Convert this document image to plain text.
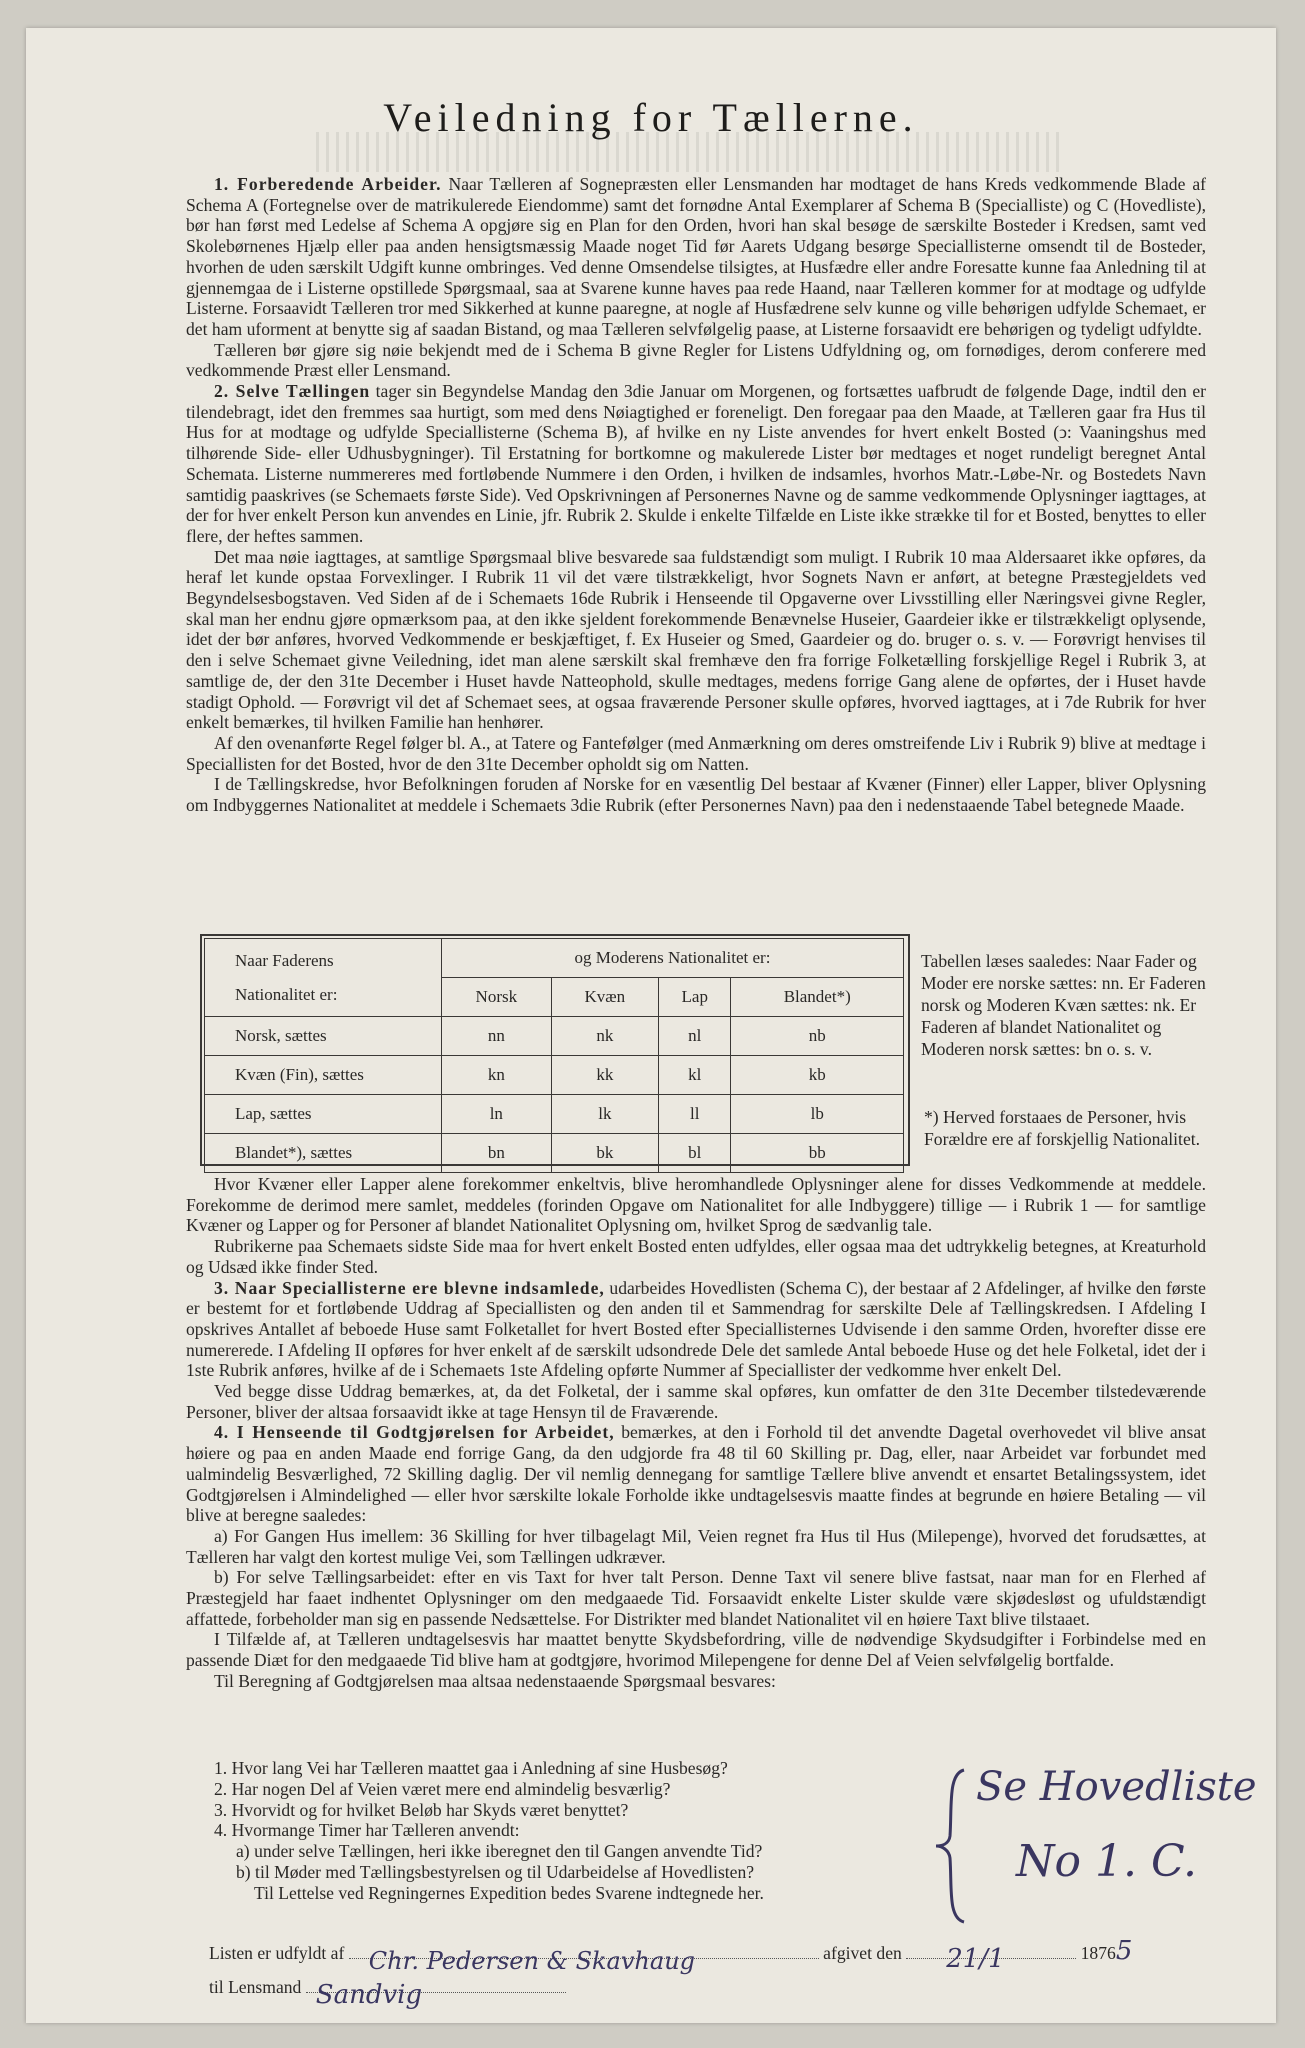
Veiledning for Tællerne.

1. Forberedende Arbeider. Naar Tælleren af Sognepræsten eller Lensmanden har modtaget de hans Kreds vedkommende Blade af Schema A (Fortegnelse over de matrikulerede Eiendomme) samt det fornødne Antal Exemplarer af Schema B (Specialliste) og C (Hovedliste), bør han først med Ledelse af Schema A opgjøre sig en Plan for den Orden, hvori han skal besøge de særskilte Bosteder i Kredsen, samt ved Skolebørnenes Hjælp eller paa anden hensigtsmæssig Maade noget Tid før Aarets Udgang besørge Speciallisterne omsendt til de Bosteder, hvorhen de uden særskilt Udgift kunne ombringes. Ved denne Omsendelse tilsigtes, at Husfædre eller andre Foresatte kunne faa Anledning til at gjennemgaa de i Listerne opstillede Spørgsmaal, saa at Svarene kunne haves paa rede Haand, naar Tælleren kommer for at modtage og udfylde Listerne. Forsaavidt Tælleren tror med Sikkerhed at kunne paaregne, at nogle af Husfædrene selv kunne og ville behørigen udfylde Schemaet, er det ham uforment at benytte sig af saadan Bistand, og maa Tælleren selvfølgelig paase, at Listerne forsaavidt ere behørigen og tydeligt udfyldte.

Tælleren bør gjøre sig nøie bekjendt med de i Schema B givne Regler for Listens Udfyldning og, om fornødiges, derom conferere med vedkommende Præst eller Lensmand.

2. Selve Tællingen tager sin Begyndelse Mandag den 3die Januar om Morgenen, og fortsættes uafbrudt de følgende Dage, indtil den er tilendebragt, idet den fremmes saa hurtigt, som med dens Nøiagtighed er foreneligt. Den foregaar paa den Maade, at Tælleren gaar fra Hus til Hus for at modtage og udfylde Speciallisterne (Schema B), af hvilke en ny Liste anvendes for hvert enkelt Bosted (ↄ: Vaaningshus med tilhørende Side- eller Udhusbygninger). Til Erstatning for bortkomne og makulerede Lister bør medtages et noget rundeligt beregnet Antal Schemata. Listerne nummereres med fortløbende Nummere i den Orden, i hvilken de indsamles, hvorhos Matr.-Løbe-Nr. og Bostedets Navn samtidig paaskrives (se Schemaets første Side). Ved Opskrivningen af Personernes Navne og de samme vedkommende Oplysninger iagttages, at der for hver enkelt Person kun anvendes en Linie, jfr. Rubrik 2. Skulde i enkelte Tilfælde en Liste ikke strække til for et Bosted, benyttes to eller flere, der heftes sammen.

Det maa nøie iagttages, at samtlige Spørgsmaal blive besvarede saa fuldstændigt som muligt. I Rubrik 10 maa Aldersaaret ikke opføres, da heraf let kunde opstaa Forvexlinger. I Rubrik 11 vil det være tilstrækkeligt, hvor Sognets Navn er anført, at betegne Præstegjeldets ved Begyndelsesbogstaven. Ved Siden af de i Schemaets 16de Rubrik i Henseende til Opgaverne over Livsstilling eller Næringsvei givne Regler, skal man her endnu gjøre opmærksom paa, at den ikke sjeldent forekommende Benævnelse Huseier, Gaardeier ikke er tilstrækkeligt oplysende, idet der bør anføres, hvorved Vedkommende er beskjæftiget, f. Ex Huseier og Smed, Gaardeier og do. bruger o. s. v. — Forøvrigt henvises til den i selve Schemaet givne Veiledning, idet man alene særskilt skal fremhæve den fra forrige Folketælling forskjellige Regel i Rubrik 3, at samtlige de, der den 31te December i Huset havde Natteophold, skulle medtages, medens forrige Gang alene de opførtes, der i Huset havde stadigt Ophold. — Forøvrigt vil det af Schemaet sees, at ogsaa fraværende Personer skulle opføres, hvorved iagttages, at i 7de Rubrik for hver enkelt bemærkes, til hvilken Familie han henhører.

Af den ovenanførte Regel følger bl. A., at Tatere og Fantefølger (med Anmærkning om deres omstreifende Liv i Rubrik 9) blive at medtage i Speciallisten for det Bosted, hvor de den 31te December opholdt sig om Natten.

I de Tællingskredse, hvor Befolkningen foruden af Norske for en væsentlig Del bestaar af Kvæner (Finner) eller Lapper, bliver Oplysning om Indbyggernes Nationalitet at meddele i Schemaets 3die Rubrik (efter Personernes Navn) paa den i nedenstaaende Tabel betegnede Maade.

Naar Faderens
Nationalitet er:	og Moderens Nationalitet er:			
	Norsk	Kvæn	Lap	Blandet*)
Norsk, sættes	nn	nk	nl	nb
Kvæn (Fin), sættes	kn	kk	kl	kb
Lap, sættes	ln	lk	ll	lb
Blandet*), sættes	bn	bk	bl	bb
Tabellen læses saaledes: Naar Fader og Moder ere norske sættes: nn. Er Faderen norsk og Moderen Kvæn sættes: nk. Er Faderen af blandet Nationalitet og Moderen norsk sættes: bn o. s. v.
*) Herved forstaaes de Personer, hvis Forældre ere af forskjellig Nationalitet.

Hvor Kvæner eller Lapper alene forekommer enkeltvis, blive heromhandlede Oplysninger alene for disses Vedkommende at meddele. Forekomme de derimod mere samlet, meddeles (forinden Opgave om Nationalitet for alle Indbyggere) tillige — i Rubrik 1 — for samtlige Kvæner og Lapper og for Personer af blandet Nationalitet Oplysning om, hvilket Sprog de sædvanlig tale.

Rubrikerne paa Schemaets sidste Side maa for hvert enkelt Bosted enten udfyldes, eller ogsaa maa det udtrykkelig betegnes, at Kreaturhold og Udsæd ikke finder Sted.

3. Naar Speciallisterne ere blevne indsamlede, udarbeides Hovedlisten (Schema C), der bestaar af 2 Afdelinger, af hvilke den første er bestemt for et fortløbende Uddrag af Speciallisten og den anden til et Sammendrag for særskilte Dele af Tællingskredsen. I Afdeling I opskrives Antallet af beboede Huse samt Folketallet for hvert Bosted efter Speciallisternes Udvisende i den samme Orden, hvorefter disse ere numererede. I Afdeling II opføres for hver enkelt af de særskilt udsondrede Dele det samlede Antal beboede Huse og det hele Folketal, idet der i 1ste Rubrik anføres, hvilke af de i Schemaets 1ste Afdeling opførte Nummer af Speciallister der vedkomme hver enkelt Del.

Ved begge disse Uddrag bemærkes, at, da det Folketal, der i samme skal opføres, kun omfatter de den 31te December tilstedeværende Personer, bliver der altsaa forsaavidt ikke at tage Hensyn til de Fraværende.

4. I Henseende til Godtgjørelsen for Arbeidet, bemærkes, at den i Forhold til det anvendte Dagetal overhovedet vil blive ansat høiere og paa en anden Maade end forrige Gang, da den udgjorde fra 48 til 60 Skilling pr. Dag, eller, naar Arbeidet var forbundet med ualmindelig Besværlighed, 72 Skilling daglig. Der vil nemlig dennegang for samtlige Tællere blive anvendt et ensartet Betalingssystem, idet Godtgjørelsen i Almindelighed — eller hvor særskilte lokale Forholde ikke undtagelsesvis maatte findes at begrunde en høiere Betaling — vil blive at beregne saaledes:

a) For Gangen Hus imellem: 36 Skilling for hver tilbagelagt Mil, Veien regnet fra Hus til Hus (Milepenge), hvorved det forudsættes, at Tælleren har valgt den kortest mulige Vei, som Tællingen udkræver.

b) For selve Tællingsarbeidet: efter en vis Taxt for hver talt Person. Denne Taxt vil senere blive fastsat, naar man for en Flerhed af Præstegjeld har faaet indhentet Oplysninger om den medgaaede Tid. Forsaavidt enkelte Lister skulde være skjødesløst og ufuldstændigt affattede, forbeholder man sig en passende Nedsættelse. For Distrikter med blandet Nationalitet vil en høiere Taxt blive tilstaaet.

I Tilfælde af, at Tælleren undtagelsesvis har maattet benytte Skydsbefordring, ville de nødvendige Skydsudgifter i Forbindelse med en passende Diæt for den medgaaede Tid blive ham at godtgjøre, hvorimod Milepengene for denne Del af Veien selvfølgelig bortfalde.

Til Beregning af Godtgjørelsen maa altsaa nedenstaaende Spørgsmaal besvares:

1. Hvor lang Vei har Tælleren maattet gaa i Anledning af sine Husbesøg?
2. Har nogen Del af Veien været mere end almindelig besværlig?
3. Hvorvidt og for hvilket Beløb har Skyds været benyttet?
4. Hvormange Timer har Tælleren anvendt:
a) under selve Tællingen, heri ikke iberegnet den til Gangen anvendte Tid?
b) til Møder med Tællingsbestyrelsen og til Udarbeidelse af Hovedlisten?
Til Lettelse ved Regningernes Expedition bedes Svarene indtegnede her.
Se Hovedliste
No 1. C.
Listen er udfyldt af Chr. Pedersen & Skavhaug	afgivet den 21/1	18765
til Lensmand Sandvig
